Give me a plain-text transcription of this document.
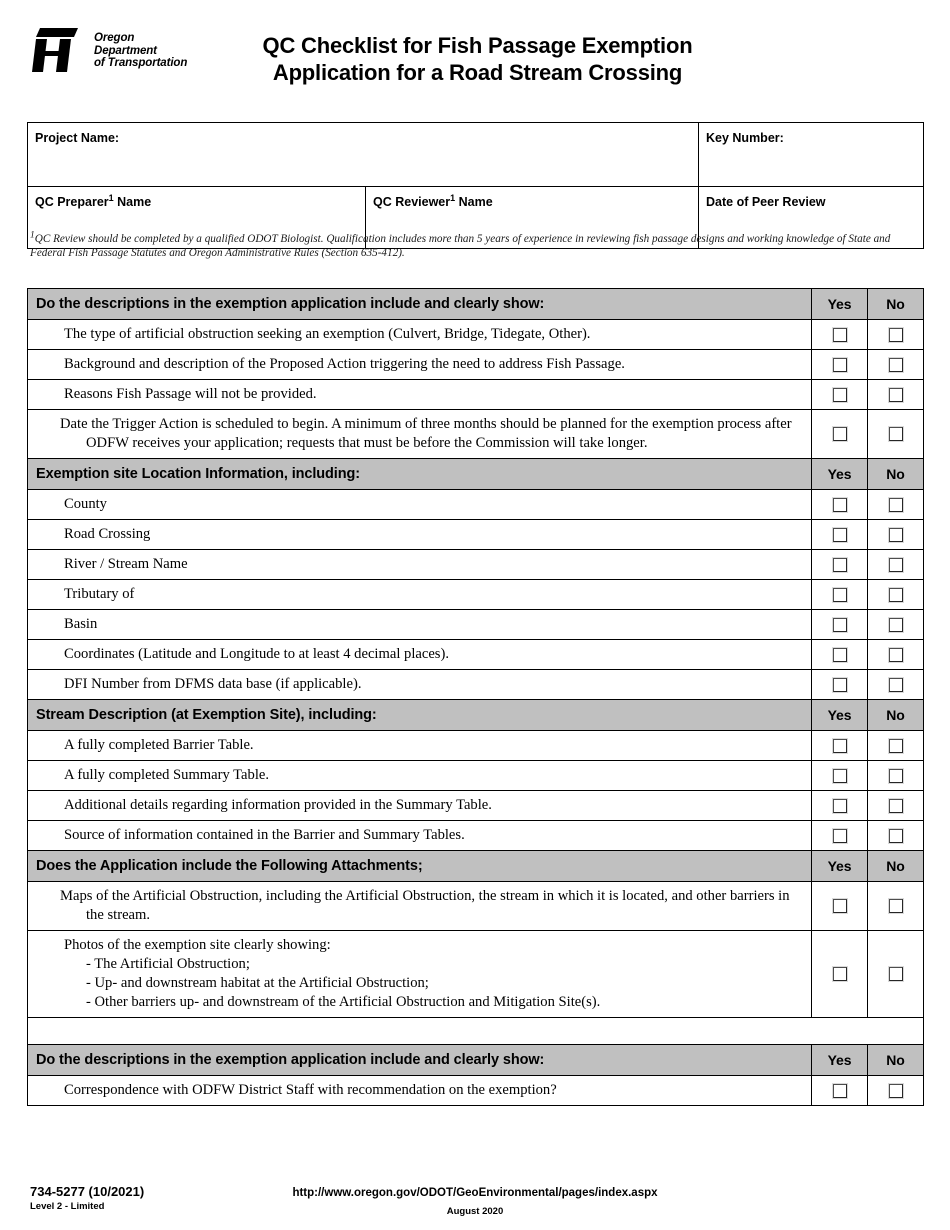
Oregon
Department
of Transportation
QC Checklist for Fish Passage Exemption
Application for a Road Stream Crossing
Project Name:		Key Number:
QC Preparer$^1$ Name	QC Reviewer$^1$ Name	Date of Peer Review
$^1$QC Review should be completed by a qualified ODOT Biologist. Qualification includes more than 5 years of experience in reviewing fish passage designs and working knowledge of State and Federal Fish Passage Statutes and Oregon Administrative Rules (Section 635-412).
Do the descriptions in the exemption application include and clearly show:	Yes	No
The type of artificial obstruction seeking an exemption (Culvert, Bridge, Tidegate, Other).		
Background and description of the Proposed Action triggering the need to address Fish Passage.		
Reasons Fish Passage will not be provided.		
Date the Trigger Action is scheduled to begin. A minimum of three months should be planned for the exemption process after ODFW receives your application; requests that must be before the Commission will take longer.		
Exemption site Location Information, including:	Yes	No
County		
Road Crossing		
River / Stream Name		
Tributary of		
Basin		
Coordinates (Latitude and Longitude to at least 4 decimal places).		
DFI Number from DFMS data base (if applicable).		
Stream Description (at Exemption Site), including:	Yes	No
A fully completed Barrier Table.		
A fully completed Summary Table.		
Additional details regarding information provided in the Summary Table.		
Source of information contained in the Barrier and Summary Tables.		
Does the Application include the Following Attachments;	Yes	No
Maps of the Artificial Obstruction, including the Artificial Obstruction, the stream in which it is located, and other barriers in the stream.		
Photos of the exemption site clearly showing:
- The Artificial Obstruction;
- Up- and downstream habitat at the Artificial Obstruction;
- Other barriers up- and downstream of the Artificial Obstruction and Mitigation Site(s).		

Do the descriptions in the exemption application include and clearly show:	Yes	No
Correspondence with ODFW District Staff with recommendation on the exemption?		
734-5277 (10/2021)
Level 2 - Limited
http://www.oregon.gov/ODOT/GeoEnvironmental/pages/index.aspx
August 2020
